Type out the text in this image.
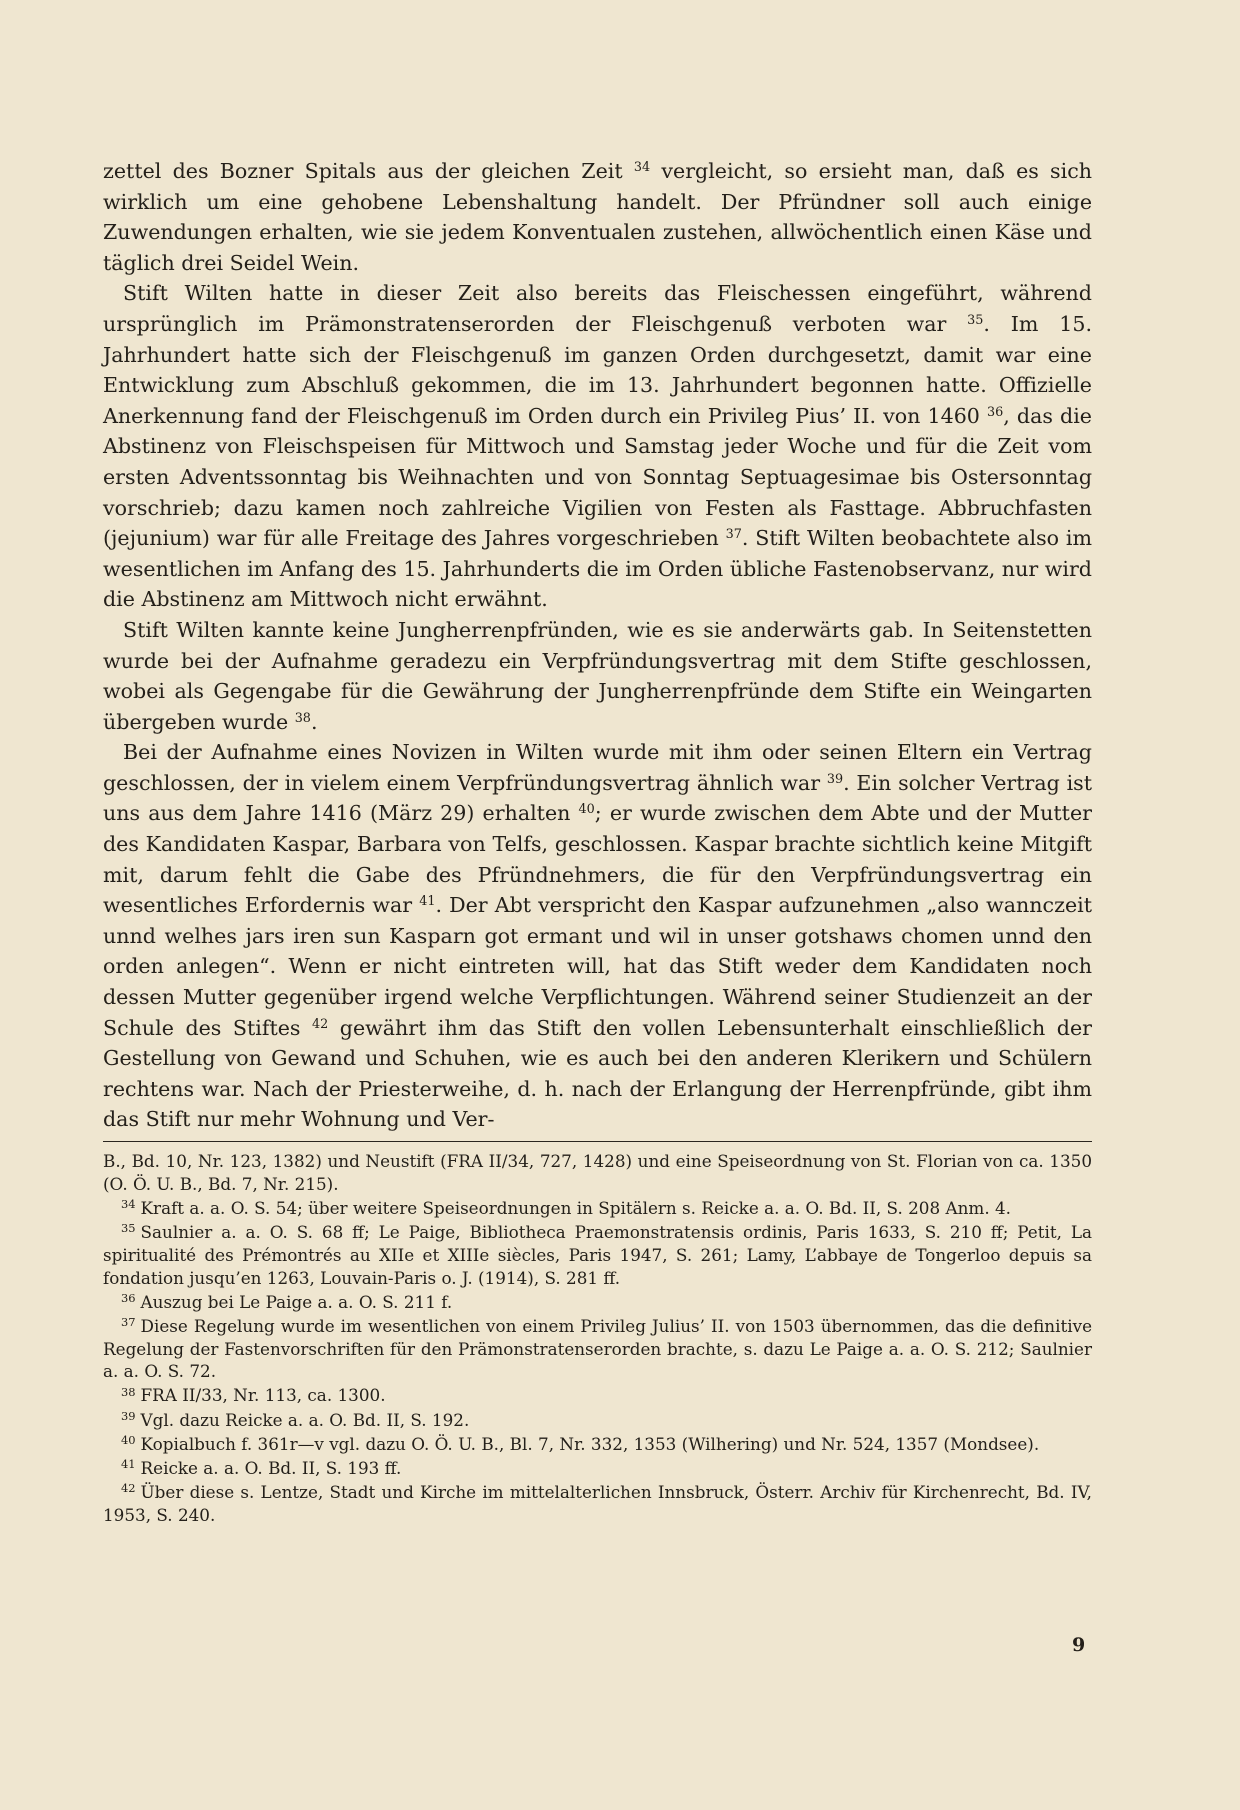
zettel des Bozner Spitals aus der gleichen Zeit $^{34}$ vergleicht, so ersieht man, daß es sich wirklich um eine gehobene Lebenshaltung handelt. Der Pfründner soll auch einige Zuwendungen erhalten, wie sie jedem Konventualen zustehen, allwöchentlich einen Käse und täglich drei Seidel Wein.

Stift Wilten hatte in dieser Zeit also bereits das Fleischessen eingeführt, während ursprünglich im Prämonstratenserorden der Fleischgenuß verboten war $^{35}$. Im 15. Jahrhundert hatte sich der Fleischgenuß im ganzen Orden durchgesetzt, damit war eine Entwicklung zum Abschluß gekommen, die im 13. Jahrhundert begonnen hatte. Offizielle Anerkennung fand der Fleischgenuß im Orden durch ein Privileg Pius’ II. von 1460 $^{36}$, das die Abstinenz von Fleischspeisen für Mittwoch und Samstag jeder Woche und für die Zeit vom ersten Adventssonntag bis Weihnachten und von Sonntag Septuagesimae bis Ostersonntag vorschrieb; dazu kamen noch zahlreiche Vigilien von Festen als Fasttage. Abbruchfasten (jejunium) war für alle Freitage des Jahres vorgeschrieben $^{37}$. Stift Wilten beobachtete also im wesentlichen im Anfang des 15. Jahrhunderts die im Orden übliche Fastenobservanz, nur wird die Abstinenz am Mittwoch nicht erwähnt.

Stift Wilten kannte keine Jungherrenpfründen, wie es sie anderwärts gab. In Seitenstetten wurde bei der Aufnahme geradezu ein Verpfründungsvertrag mit dem Stifte geschlossen, wobei als Gegengabe für die Gewährung der Jungherrenpfründe dem Stifte ein Weingarten übergeben wurde $^{38}$.

Bei der Aufnahme eines Novizen in Wilten wurde mit ihm oder seinen Eltern ein Vertrag geschlossen, der in vielem einem Verpfründungsvertrag ähnlich war $^{39}$. Ein solcher Vertrag ist uns aus dem Jahre 1416 (März 29) erhalten $^{40}$; er wurde zwischen dem Abte und der Mutter des Kandidaten Kaspar, Barbara von Telfs, geschlossen. Kaspar brachte sichtlich keine Mitgift mit, darum fehlt die Gabe des Pfründnehmers, die für den Verpfründungsvertrag ein wesentliches Erfordernis war $^{41}$. Der Abt verspricht den Kaspar aufzunehmen „also wannczeit unnd welhes jars iren sun Kasparn got ermant und wil in unser gotshaws chomen unnd den orden anlegen“. Wenn er nicht eintreten will, hat das Stift weder dem Kandidaten noch dessen Mutter gegenüber irgend welche Verpflichtungen. Während seiner Studienzeit an der Schule des Stiftes $^{42}$ gewährt ihm das Stift den vollen Lebensunterhalt einschließlich der Gestellung von Gewand und Schuhen, wie es auch bei den anderen Klerikern und Schülern rechtens war. Nach der Priesterweihe, d. h. nach der Erlangung der Herrenpfründe, gibt ihm das Stift nur mehr Wohnung und Ver-

B., Bd. 10, Nr. 123, 1382) und Neustift (FRA II/34, 727, 1428) und eine Speiseordnung von St. Florian von ca. 1350 (O. Ö. U. B., Bd. 7, Nr. 215).
$^{34}$ Kraft a. a. O. S. 54; über weitere Speiseordnungen in Spitälern s. Reicke a. a. O. Bd. II, S. 208 Anm. 4.
$^{35}$ Saulnier a. a. O. S. 68 ff; Le Paige, Bibliotheca Praemonstratensis ordinis, Paris 1633, S. 210 ff; Petit, La spiritualité des Prémontrés au XIIe et XIIIe siècles, Paris 1947, S. 261; Lamy, L’abbaye de Tongerloo depuis sa fondation jusqu’en 1263, Louvain-Paris o. J. (1914), S. 281 ff.
$^{36}$ Auszug bei Le Paige a. a. O. S. 211 f.
$^{37}$ Diese Regelung wurde im wesentlichen von einem Privileg Julius’ II. von 1503 übernommen, das die definitive Regelung der Fastenvorschriften für den Prämonstratenserorden brachte, s. dazu Le Paige a. a. O. S. 212; Saulnier a. a. O. S. 72.
$^{38}$ FRA II/33, Nr. 113, ca. 1300.
$^{39}$ Vgl. dazu Reicke a. a. O. Bd. II, S. 192.
$^{40}$ Kopialbuch f. 361r—v vgl. dazu O. Ö. U. B., Bl. 7, Nr. 332, 1353 (Wilhering) und Nr. 524, 1357 (Mondsee).
$^{41}$ Reicke a. a. O. Bd. II, S. 193 ff.
$^{42}$ Über diese s. Lentze, Stadt und Kirche im mittelalterlichen Innsbruck, Österr. Archiv für Kirchenrecht, Bd. IV, 1953, S. 240.
9
